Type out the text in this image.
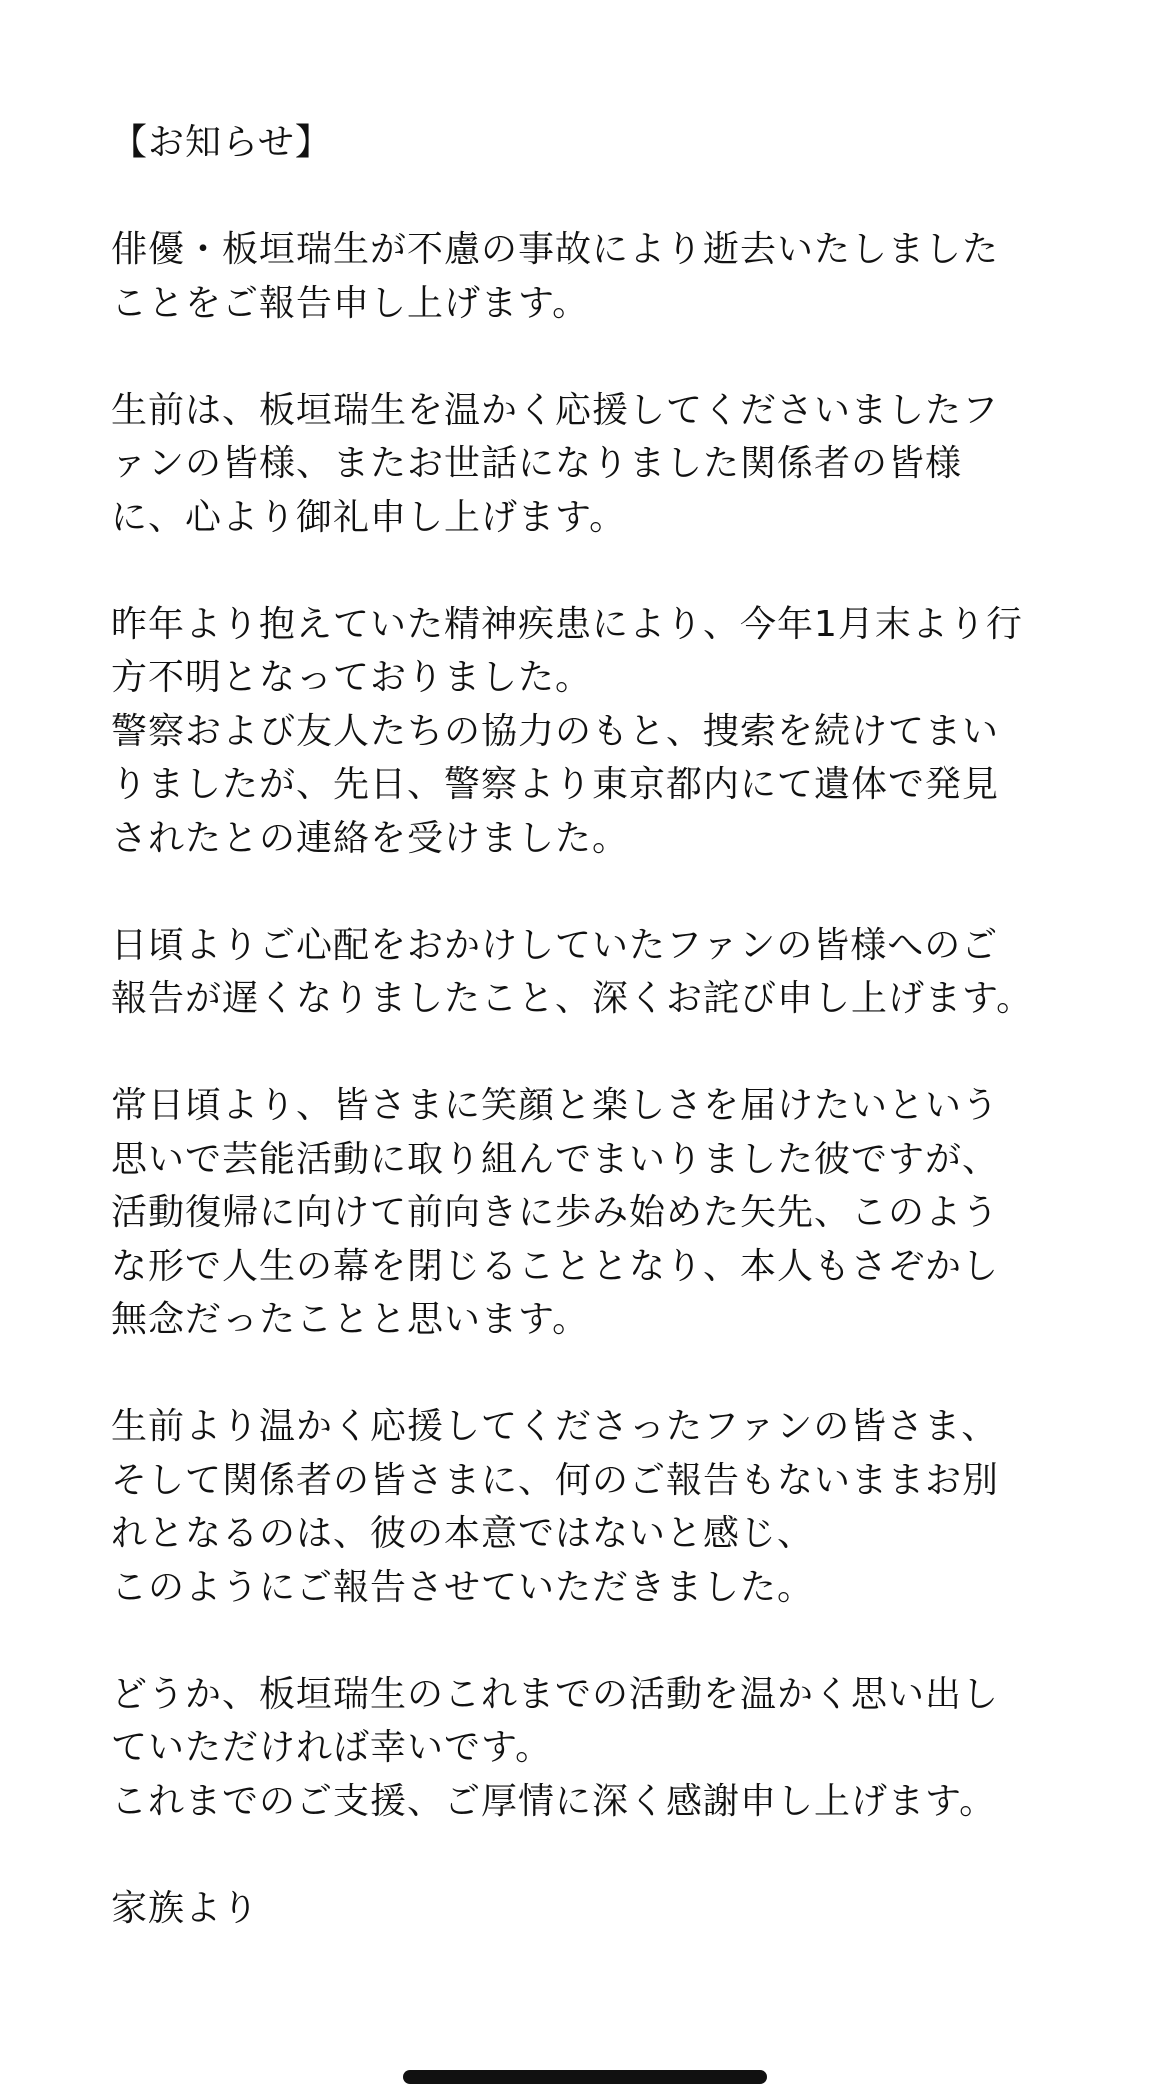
【お知らせ】
俳優・板垣瑞生が不慮の事故により逝去いたしました
ことをご報告申し上げます。
生前は、板垣瑞生を温かく応援してくださいましたフ
ァンの皆様、またお世話になりました関係者の皆様
に、心より御礼申し上げます。
昨年より抱えていた精神疾患により、今年1月末より行
方不明となっておりました。
警察および友人たちの協力のもと、捜索を続けてまい
りましたが、先日、警察より東京都内にて遺体で発見
されたとの連絡を受けました。
日頃よりご心配をおかけしていたファンの皆様へのご
報告が遅くなりましたこと、深くお詫び申し上げます。
常日頃より、皆さまに笑顔と楽しさを届けたいという
思いで芸能活動に取り組んでまいりました彼ですが、
活動復帰に向けて前向きに歩み始めた矢先、このよう
な形で人生の幕を閉じることとなり、本人もさぞかし
無念だったことと思います。
生前より温かく応援してくださったファンの皆さま、
そして関係者の皆さまに、何のご報告もないままお別
れとなるのは、彼の本意ではないと感じ、
このようにご報告させていただきました。
どうか、板垣瑞生のこれまでの活動を温かく思い出し
ていただければ幸いです。
これまでのご支援、ご厚情に深く感謝申し上げます。
家族より
